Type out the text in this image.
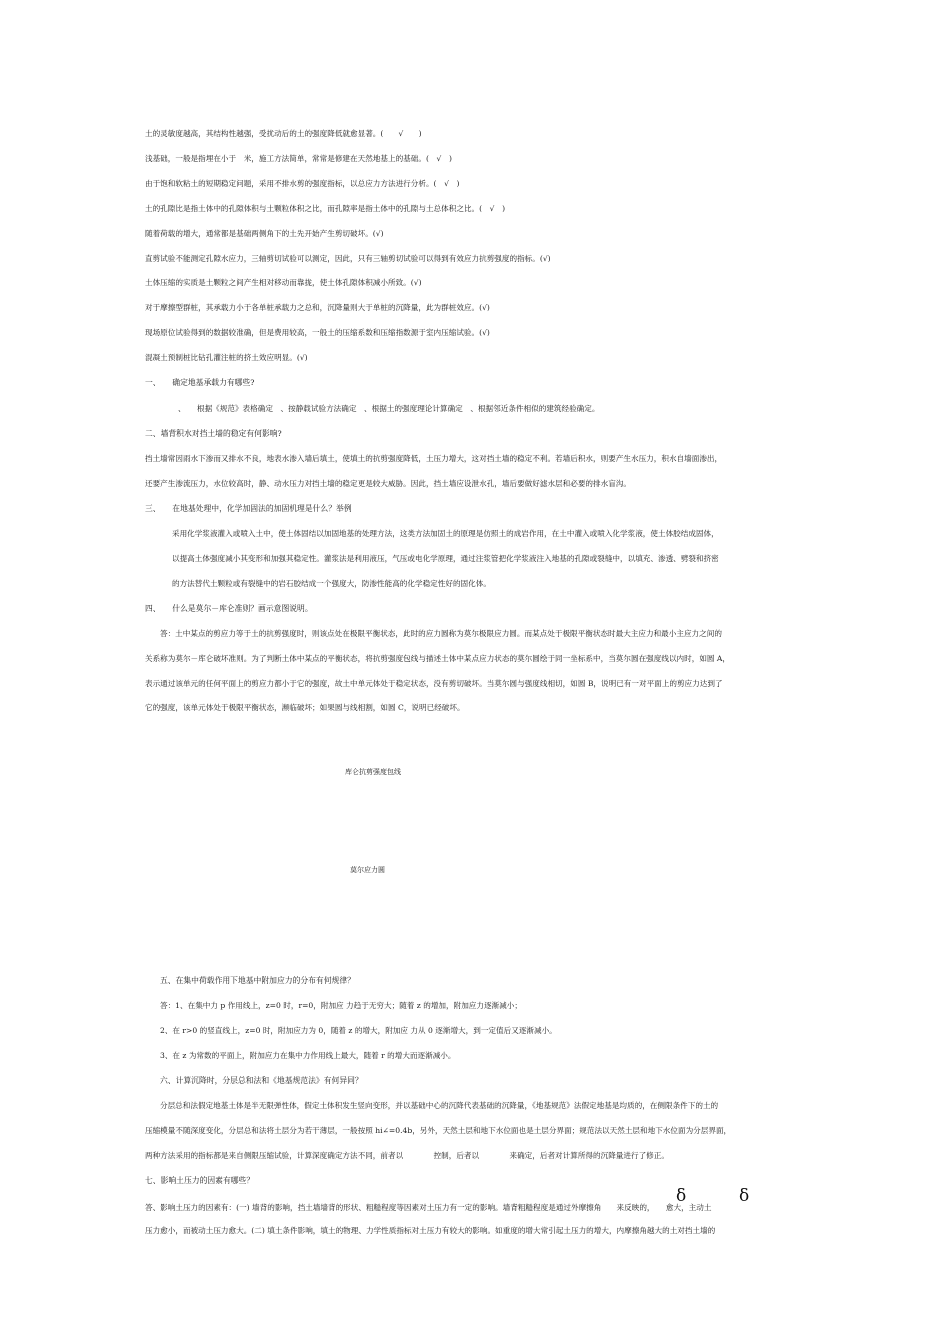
土的灵敏度越高，其结构性越强，受扰动后的土的强度降低就愈显著。(　　√　　)
浅基础，一般是指埋在小于　米，施工方法简单，常常是修建在天然地基上的基础。(　√　)
由于饱和软粘土的短期稳定问题，采用不排水剪的强度指标，以总应力方法进行分析。(　√　)
土的孔隙比是指土体中的孔隙体积与土颗粒体积之比，而孔隙率是指土体中的孔隙与土总体积之比。(　√　)
随着荷载的增大，通常都是基础两侧角下的土先开始产生剪切破坏。(√)
直剪试验不能测定孔隙水应力，三轴剪切试验可以测定，因此，只有三轴剪切试验可以得到有效应力抗剪强度的指标。(√)
土体压缩的实质是土颗粒之间产生相对移动而靠拢，使土体孔隙体积减小所致。(√)
对于摩擦型群桩，其承载力小于各单桩承载力之总和，沉降量则大于单桩的沉降量，此为群桩效应。(√)
现场原位试验得到的数据较准确，但是费用较高，一般土的压缩系数和压缩指数源于室内压缩试验。(√)
混凝土预制桩比钻孔灌注桩的挤土效应明显。(√)
一、　　确定地基承载力有哪些?
、　　根据《规范》表格确定　、按静载试验方法确定　、根据土的强度理论计算确定　、根据邻近条件相似的建筑经验确定。
二、墙背积水对挡土墙的稳定有何影响?
挡土墙常因雨水下渗而又排水不良，地表水渗入墙后填土，使填土的抗剪强度降低，土压力增大，这对挡土墙的稳定不利。若墙后积水，则要产生水压力，积水自墙面渗出，
还要产生渗流压力，水位较高时，静、动水压力对挡土墙的稳定更是较大威胁。因此，挡土墙应设泄水孔，墙后要做好滤水层和必要的排水盲沟。
三、　　在地基处理中，化学加固法的加固机理是什么？举例
采用化学浆液灌入或喷入土中，使土体固结以加固地基的处理方法，这类方法加固土的原理是仿照土的成岩作用，在土中灌入或喷入化学浆液，使土体胶结成固体，
以提高土体强度减小其变形和加强其稳定性。灌浆法是利用液压，气压或电化学原理，通过注浆管把化学浆液注入地基的孔隙或裂缝中，以填充、渗透、劈裂和挤密
的方法替代土颗粒或有裂缝中的岩石胶结成一个强度大，防渗性能高的化学稳定性好的固化体。
四、　　什么是莫尔－库仑准则？画示意图说明。
答：土中某点的剪应力等于土的抗剪强度时，则该点处在极限平衡状态，此时的应力圆称为莫尔极限应力圆。而某点处于极限平衡状态时最大主应力和最小主应力之间的
关系称为莫尔－库仑破坏准则。为了判断土体中某点的平衡状态，将抗剪强度包线与描述土体中某点应力状态的莫尔圆绘于同一坐标系中，当莫尔圆在强度线以内时，如圆 A，
表示通过该单元的任何平面上的剪应力都小于它的强度，故土中单元体处于稳定状态，没有剪切破坏。当莫尔圆与强度线相切，如圆 B，说明已有一对平面上的剪应力达到了
它的强度，该单元体处于极限平衡状态，濒临破坏；如果圆与线相割，如圆 C，说明已经破坏。
库仑抗剪强度包线
莫尔应力圆
五、在集中荷载作用下地基中附加应力的分布有何规律？
答：1、在集中力 p 作用线上，z=0 时，r=0，附加应 力趋于无穷大；随着 z 的增加，附加应力逐渐减小；
2、在 r>0 的竖直线上，z=0 时，附加应力为 0，随着 z 的增大，附加应 力从 0 逐渐增大，到一定值后又逐渐减小。
3、在 z 为常数的平面上，附加应力在集中力作用线上最大，随着 r 的增大而逐渐减小。
六、计算沉降时，分层总和法和《地基规范法》有何异同？
分层总和法假定地基土体是半无限弹性体，假定土体积发生竖向变形，并以基础中心的沉降代表基础的沉降量，《地基规范》法假定地基是均质的，在侧限条件下的土的
压缩模量不随深度变化，分层总和法将土层分为若干薄层，一般按照 hi∠=0.4b，另外，天然土层和地下水位面也是土层分界面；规范法以天然土层和地下水位面为分层界面，
两种方法采用的指标都是来自侧限压缩试验，计算深度确定方法不同，前者以　　　　控制，后者以　　　　来确定，后者对计算所得的沉降量进行了修正。
七、影响土压力的因素有哪些？
答、影响土压力的因素有：(一) 墙背的影响，挡土墙墙背的形状、粗糙程度等因素对土压力有一定的影响。墙背粗糙程度是通过外摩擦角　　来反映的，　　愈大，主动土
δ	δ
压力愈小，而被动土压力愈大。(二) 填土条件影响，填土的物理、力学性质指标对土压力有较大的影响。如重度的增大常引起土压力的增大，内摩擦角越大的土对挡土墙的
